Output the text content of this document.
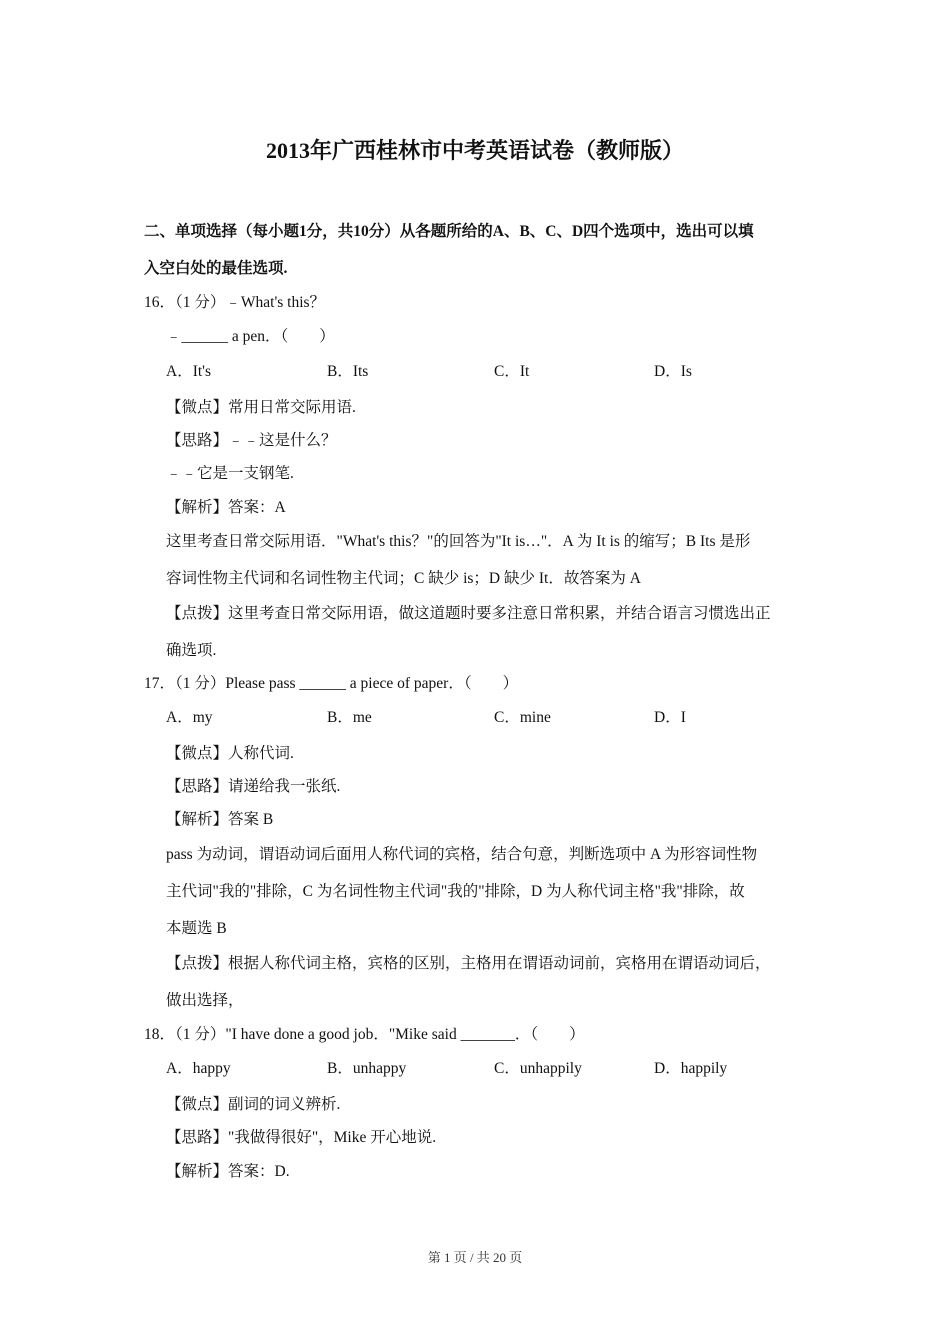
2013年广西桂林市中考英语试卷（教师版）
二、单项选择（每小题1分，共10分）从各题所给的A、B、C、D四个选项中，选出可以填
入空白处的最佳选项.
16．（1 分）﹣What's this？
﹣______ a pen．（　　）
A．It's	B．Its	C．It	D．Is
【微点】常用日常交际用语.
【思路】﹣﹣这是什么？
﹣﹣它是一支钢笔.
【解析】答案：A
这里考查日常交际用语．"What's this？"的回答为"It is…"．A 为 It is 的缩写；B Its 是形
容词性物主代词和名词性物主代词；C 缺少 is；D 缺少 It．故答案为 A
【点拨】这里考查日常交际用语，做这道题时要多注意日常积累，并结合语言习惯选出正
确选项.
17．（1 分）Please pass ______ a piece of paper．（　　）
A．my	B．me	C．mine	D．I
【微点】人称代词.
【思路】请递给我一张纸.
【解析】答案 B
pass 为动词，谓语动词后面用人称代词的宾格，结合句意，判断选项中 A 为形容词性物
主代词"我的"排除，C 为名词性物主代词"我的"排除，D 为人称代词主格"我"排除，故
本题选 B
【点拨】根据人称代词主格，宾格的区别，主格用在谓语动词前，宾格用在谓语动词后，
做出选择，
18．（1 分）"I have done a good job．"Mike said _______．（　　）
A．happy	B．unhappy	C．unhappily	D．happily
【微点】副词的词义辨析.
【思路】"我做得很好"，Mike 开心地说.
【解析】答案：D.
第 1 页 / 共 20 页
